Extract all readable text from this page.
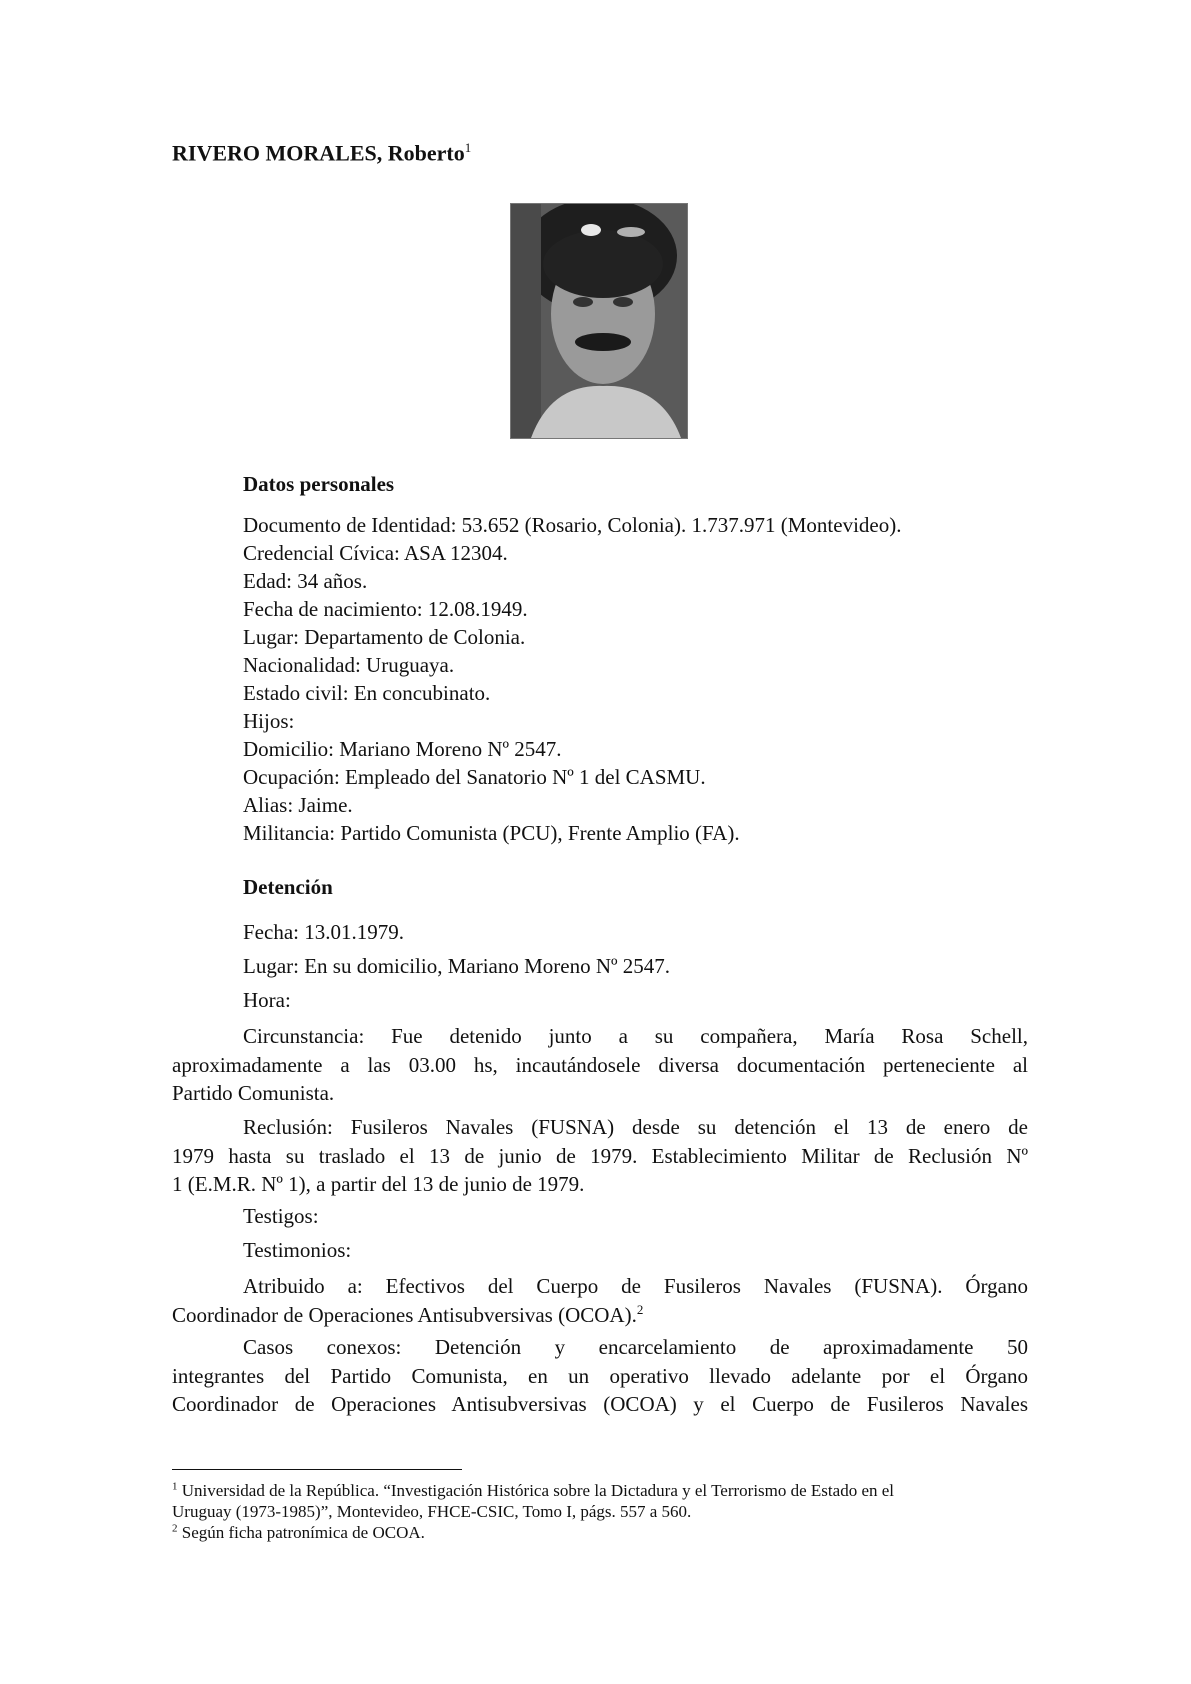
RIVERO MORALES, Roberto$^1$
Datos personales
Documento de Identidad: 53.652 (Rosario, Colonia). 1.737.971 (Montevideo).
Credencial Cívica: ASA 12304.
Edad: 34 años.
Fecha de nacimiento: 12.08.1949.
Lugar: Departamento de Colonia.
Nacionalidad: Uruguaya.
Estado civil: En concubinato.
Hijos:
Domicilio: Mariano Moreno Nº 2547.
Ocupación: Empleado del Sanatorio Nº 1 del CASMU.
Alias: Jaime.
Militancia: Partido Comunista (PCU), Frente Amplio (FA).
Detención
Fecha: 13.01.1979.
Lugar: En su domicilio, Mariano Moreno Nº 2547.
Hora:
Circunstancia: Fue detenido junto a su compañera, María Rosa Schell,
aproximadamente a las 03.00 hs, incautándosele diversa documentación perteneciente al
Partido Comunista.
Reclusión: Fusileros Navales (FUSNA) desde su detención el 13 de enero de
1979 hasta su traslado el 13 de junio de 1979. Establecimiento Militar de Reclusión Nº
1 (E.M.R. Nº 1), a partir del 13 de junio de 1979.
Testigos:
Testimonios:
Atribuido a: Efectivos del Cuerpo de Fusileros Navales (FUSNA). Órgano
Coordinador de Operaciones Antisubversivas (OCOA).$^2$
Casos conexos: Detención y encarcelamiento de aproximadamente 50
integrantes del Partido Comunista, en un operativo llevado adelante por el Órgano
Coordinador de Operaciones Antisubversivas (OCOA) y el Cuerpo de Fusileros Navales
$^1$ Universidad de la República. “Investigación Histórica sobre la Dictadura y el Terrorismo de Estado en el
Uruguay (1973-1985)”, Montevideo, FHCE-CSIC, Tomo I, págs. 557 a 560.
$^2$ Según ficha patronímica de OCOA.
